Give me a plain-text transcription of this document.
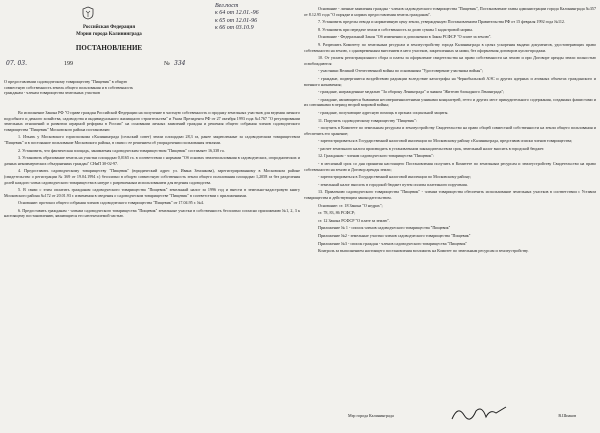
Вел.пост
к 64 от 12.01.-96
к 65 от 12.01-96
к 66 от 03.10.9
Российская Федерация
Мэрия города Калининграда
ПОСТАНОВЛЕНИЕ
07. 03.	199	№ 334
О предоставлении садоводческому товариществу "Пищевик" в общую совместную собственность земель общего пользования и в собственность гражданам - членам товарищества земельных участков
Во исполнение Закона РФ "О праве граждан Российской Федерации на получение в частную собственность и продажу земельных участков для ведения личного подсобного и дачного хозяйства, садоводства и индивидуального жилищного строительства" и Указа Президента РФ от 27 октября 1993 года №1767 "О регулировании земельных отношений и развитии аграрной реформы в России" на основании личных заявлений граждан и решения общего собрания членов садоводческого товарищества "Пищевик" Московского района постановляю:
1. Изъять у Московского горисполкома г.Калининграда (сельский совет) земли площадью 28,3 га, ранее закрепленные за садоводческим товариществом "Пищевик" и в постоянное пользование Московского района, в связи с ее решением об упорядочении пользования землями.
2. Установить, что фактическая площадь, занимаемая садоводческим товариществом "Пищевик" составляет 16,338 га.
3. Установить образование земель на участки площадью 0,0165 га. в соответствии с нормами "Об основах землепользования в садоводческих, огороднических и дачных некоммерческих объединениях граждан" СНиП 30-02-97.
4. Предоставить садоводческому товариществу "Пищевик" (юридический адрес ул. Ивана Землякова), зарегистрированному в Московском районе (свидетельство о регистрации № 369 от 19.04.1994 г.) бесплатно в общую совместную собственность земли общего пользования площадью 1,2058 га без разделения долей каждого члена садоводческого товарищества в натуре с разрешенным использованием для ведения садоводства.
5. В связи с этим оплатить гражданам садоводческого товарищества "Пищевик" земельный налог за 1996 год и внести в земельно-кадастровую книгу Московского района №172 от 20.01.93 г. изменения в сведения о садоводческом товариществе "Пищевик" в соответствии с приложениями.
Основание: протокол общего собрания членов садоводческого товарищества "Пищевик" от 17.04.95 г. №4.
6. Предоставить гражданам - членам садоводческого товарищества "Пищевик" земельные участки в собственность бесплатно согласно приложению №1, 2, 3 к настоящему постановлению, являющиеся его неотъемлемой частью.
Основание - личные заявления граждан - членов садоводческого товарищества "Пищевик", Постановление главы администрации города Калининграда №357 от 8.12.95 года "О порядке и нормах предоставления земель гражданам".
7. Установить пределы отвода и нормативную цену земли, утвержденную Постановлением Правительства РФ от 15 февраля 1992 года №112.
8. Установить при передаче земли в собственность за долю суммы 1 кадастровой нормы.
Основание - Федеральный Закон "Об изменении и дополнении в Закон РСФСР "О плате за землю".
9. Разрешить Комитету по земельным ресурсам и землеустройству города Калининграда в целях ускорения выдачи документов, удостоверяющих право собственности на землю, с одновременным внесением в него участков, закрепленных за ними, без оформления договоров купли-продажи.
10. От уплаты регистрационного сбора и платы за оформление свидетельства на право собственности на землю и при Договоре аренды земли полностью освобождаются:
- участники Великой Отечественной войны по основаниям "Удостоверение участника войны";
- граждане, подвергшиеся воздействию радиации вследствие катастрофы на Чернобыльской АЭС и других ядерных и атомных объектах гражданского и военного назначения;
- граждане, награжденные медалью "За оборону Ленинграда" и знаком "Жителю блокадного Ленинграда";
- граждане, являющиеся бывшими несовершеннолетними узниками концлагерей, гетто и других мест принудительного содержания, созданных фашистами и их союзниками в период второй мировой войны;
- граждане, получающие адресную помощь в органах социальной защиты.
11. Поручить садоводческому товариществу "Пищевик":
- получить в Комитете по земельным ресурсам и землеустройству Свидетельство на право общей совместной собственности на земли общего пользования и обеспечить его хранение;
- зарегистрироваться в Государственной налоговой инспекции по Московскому району г.Калининграда, представив списки членов товарищества;
- расчет земельного налога производить в установленном законодательством срок, земельный налог вносить в городской бюджет.
12. Гражданам - членам садоводческого товарищества "Пищевик":
- в месячный срок со дня принятия настоящего Постановления получить в Комитете по земельным ресурсам и землеустройству Свидетельство на право собственности на землю и Договор аренды земли;
- зарегистрироваться в Государственной налоговой инспекции по Московскому району;
- земельный налог вносить в городской бюджет путем оплаты платежного поручения.
13. Правлению садоводческого товарищества "Пищевик" - членам товарищества обеспечить использование земельных участков в соответствии с Уставом товарищества и действующим законодательством.
Основание: ст. 18 Закона "О недрах";
ст. 78, 83, 86 РСФСР;
ст. 12 Закона РСФСР "О плате за землю".
Приложение № 1 - список членов садоводческого товарищества "Пищевик"
Приложение №2 - земельные участки членов садоводческого товарищества "Пищевик"
Приложение №3 - список граждан - членов садоводческого товарищества "Пищевик"
Контроль за выполнением настоящего постановления возложить на Комитет по земельным ресурсам и землеустройству.
Мэр города Калининграда	В.Шпаков
